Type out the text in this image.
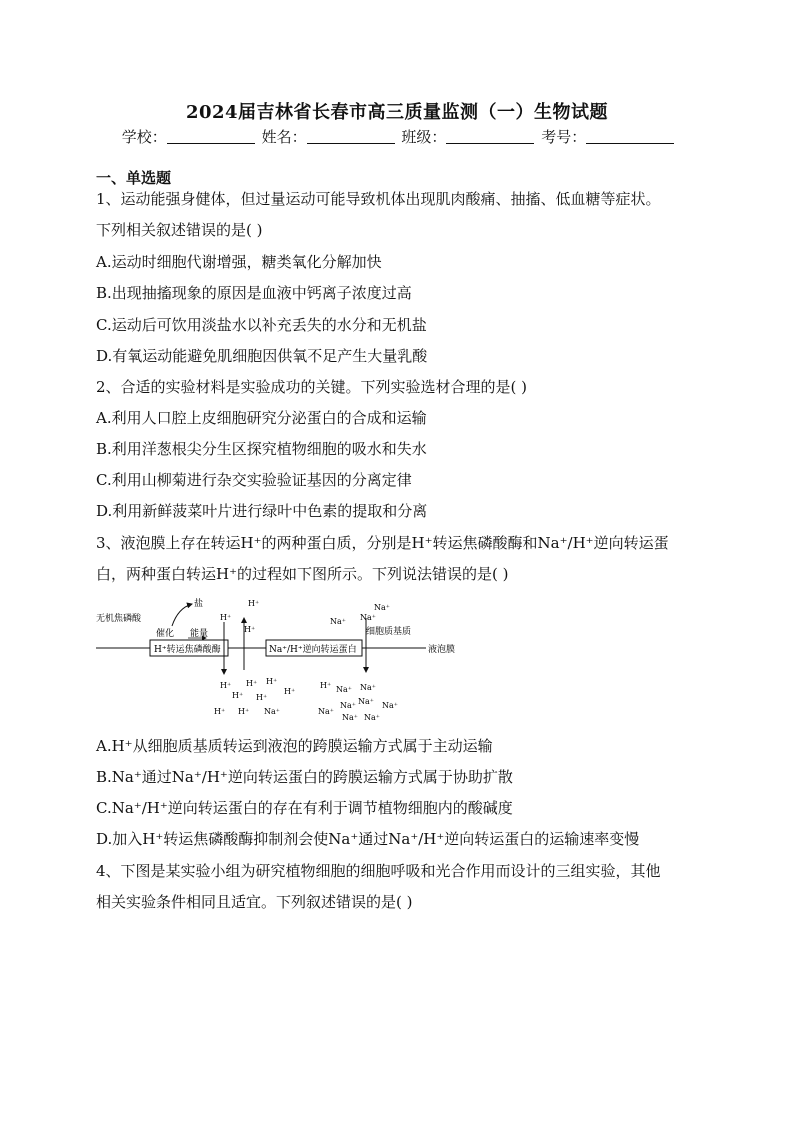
2024届吉林省长春市高三质量监测（一）生物试题
学校：	姓名：	班级：	考号：
一、单选题
1、运动能强身健体，但过量运动可能导致机体出现肌肉酸痛、抽搐、低血糖等症状。
下列相关叙述错误的是( )
A.运动时细胞代谢增强，糖类氧化分解加快
B.出现抽搐现象的原因是血液中钙离子浓度过高
C.运动后可饮用淡盐水以补充丢失的水分和无机盐
D.有氧运动能避免肌细胞因供氧不足产生大量乳酸
2、合适的实验材料是实验成功的关键。下列实验选材合理的是( )
A.利用人口腔上皮细胞研究分泌蛋白的合成和运输
B.利用洋葱根尖分生区探究植物细胞的吸水和失水
C.利用山柳菊进行杂交实验验证基因的分离定律
D.利用新鲜菠菜叶片进行绿叶中色素的提取和分离
3、液泡膜上存在转运H⁺的两种蛋白质，分别是H⁺转运焦磷酸酶和Na⁺/H⁺逆向转运蛋
白，两种蛋白转运H⁺的过程如下图所示。下列说法错误的是( )
H⁺转运焦磷酸酶	Na⁺/H⁺逆向转运蛋白
无机焦磷酸
盐
催化 能量	细胞质基质
液泡膜
H⁺
H⁺
H⁺
Na⁺ Na⁺
Na⁺
H⁺ H⁺ H⁺
H⁺
H⁺ H⁺
H⁺ H⁺ Na⁺
H⁺ Na⁺ Na⁺
Na⁺
Na⁺ Na⁺ Na⁺
Na⁺ Na⁺
A.H⁺从细胞质基质转运到液泡的跨膜运输方式属于主动运输
B.Na⁺通过Na⁺/H⁺逆向转运蛋白的跨膜运输方式属于协助扩散
C.Na⁺/H⁺逆向转运蛋白的存在有利于调节植物细胞内的酸碱度
D.加入H⁺转运焦磷酸酶抑制剂会使Na⁺通过Na⁺/H⁺逆向转运蛋白的运输速率变慢
4、下图是某实验小组为研究植物细胞的细胞呼吸和光合作用而设计的三组实验，其他
相关实验条件相同且适宜。下列叙述错误的是( )
